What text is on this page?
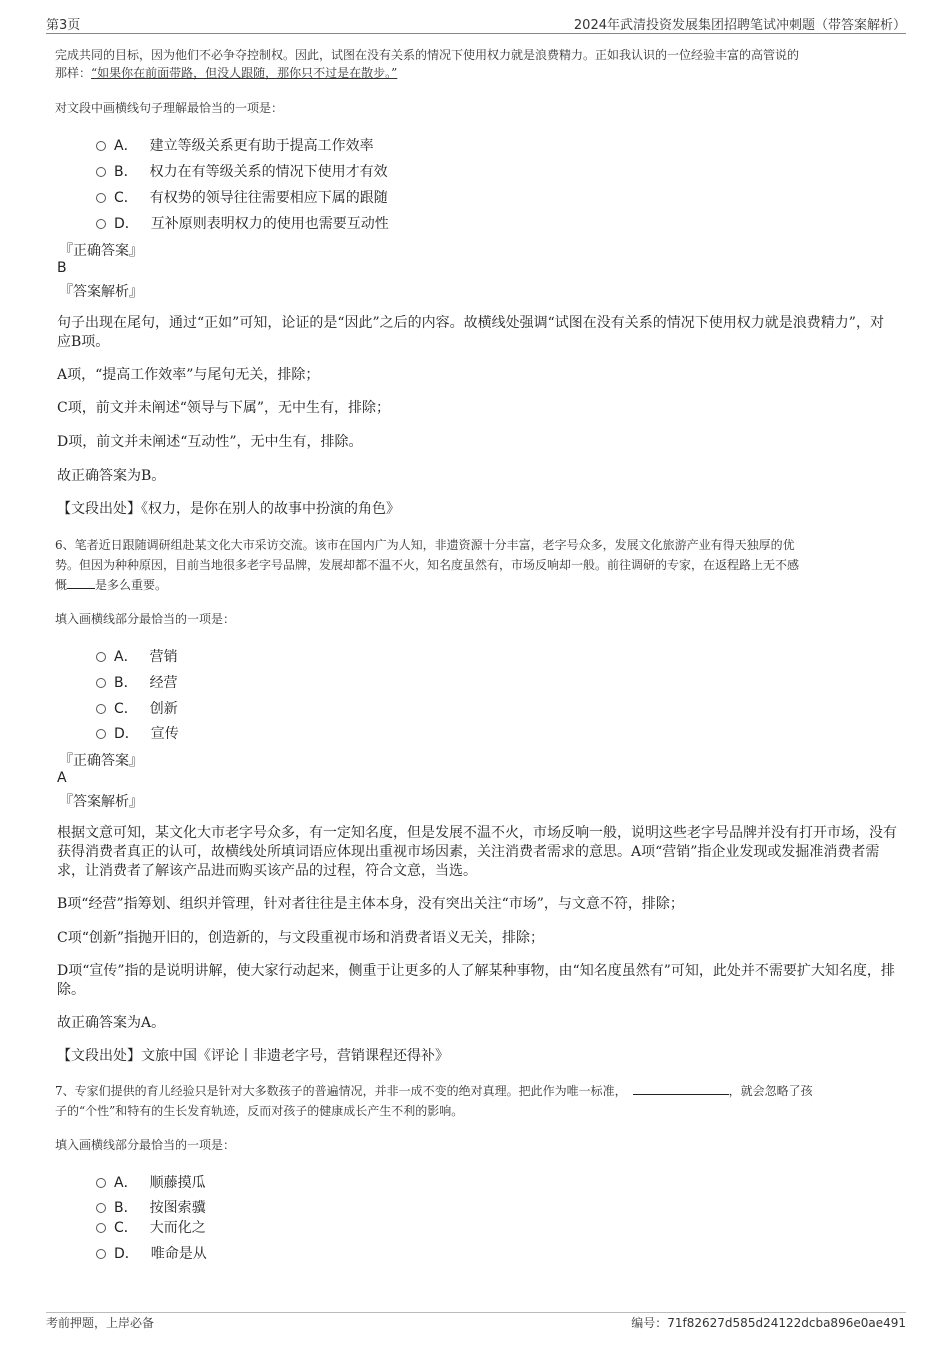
第3页	2024年武清投资发展集团招聘笔试冲刺题（带答案解析）
完成共同的目标，因为他们不必争夺控制权。因此，试图在没有关系的情况下使用权力就是浪费精力。正如我认识的一位经验丰富的高管说的
那样：“如果你在前面带路，但没人跟随，那你只不过是在散步。”
对文段中画横线句子理解最恰当的一项是：
A． 建立等级关系更有助于提高工作效率
B． 权力在有等级关系的情况下使用才有效
C． 有权势的领导往往需要相应下属的跟随
D． 互补原则表明权力的使用也需要互动性
『正确答案』
B
『答案解析』
句子出现在尾句，通过“正如”可知，论证的是“因此”之后的内容。故横线处强调“试图在没有关系的情况下使用权力就是浪费精力”，对应B项。
A项，“提高工作效率”与尾句无关，排除；
C项，前文并未阐述“领导与下属”，无中生有，排除；
D项，前文并未阐述“互动性”，无中生有，排除。
故正确答案为B。
【文段出处】《权力，是你在别人的故事中扮演的角色》
6、笔者近日跟随调研组赴某文化大市采访交流。该市在国内广为人知，非遗资源十分丰富，老字号众多，发展文化旅游产业有得天独厚的优
势。但因为种种原因，目前当地很多老字号品牌，发展却都不温不火，知名度虽然有，市场反响却一般。前往调研的专家，在返程路上无不感
慨 是多么重要。
填入画横线部分最恰当的一项是：
A． 营销
B． 经营
C． 创新
D． 宣传
『正确答案』
A
『答案解析』
根据文意可知，某文化大市老字号众多，有一定知名度，但是发展不温不火，市场反响一般，说明这些老字号品牌并没有打开市场，没有获得消费者真正的认可，故横线处所填词语应体现出重视市场因素，关注消费者需求的意思。A项“营销”指企业发现或发掘准消费者需求，让消费者了解该产品进而购买该产品的过程，符合文意，当选。
B项“经营”指筹划、组织并管理，针对者往往是主体本身，没有突出关注“市场”，与文意不符，排除；
C项“创新”指抛开旧的，创造新的，与文段重视市场和消费者语义无关，排除；
D项“宣传”指的是说明讲解，使大家行动起来，侧重于让更多的人了解某种事物，由“知名度虽然有”可知，此处并不需要扩大知名度，排除。
故正确答案为A。
【文段出处】文旅中国《评论丨非遗老字号，营销课程还得补》
7、专家们提供的育儿经验只是针对大多数孩子的普遍情况，并非一成不变的绝对真理。把此作为唯一标准，	，就会忽略了孩
子的“个性”和特有的生长发育轨迹，反而对孩子的健康成长产生不利的影响。
填入画横线部分最恰当的一项是：
A． 顺藤摸瓜
B． 按图索骥
C． 大而化之
D． 唯命是从
考前押题，上岸必备	编号：71f82627d585d24122dcba896e0ae491
